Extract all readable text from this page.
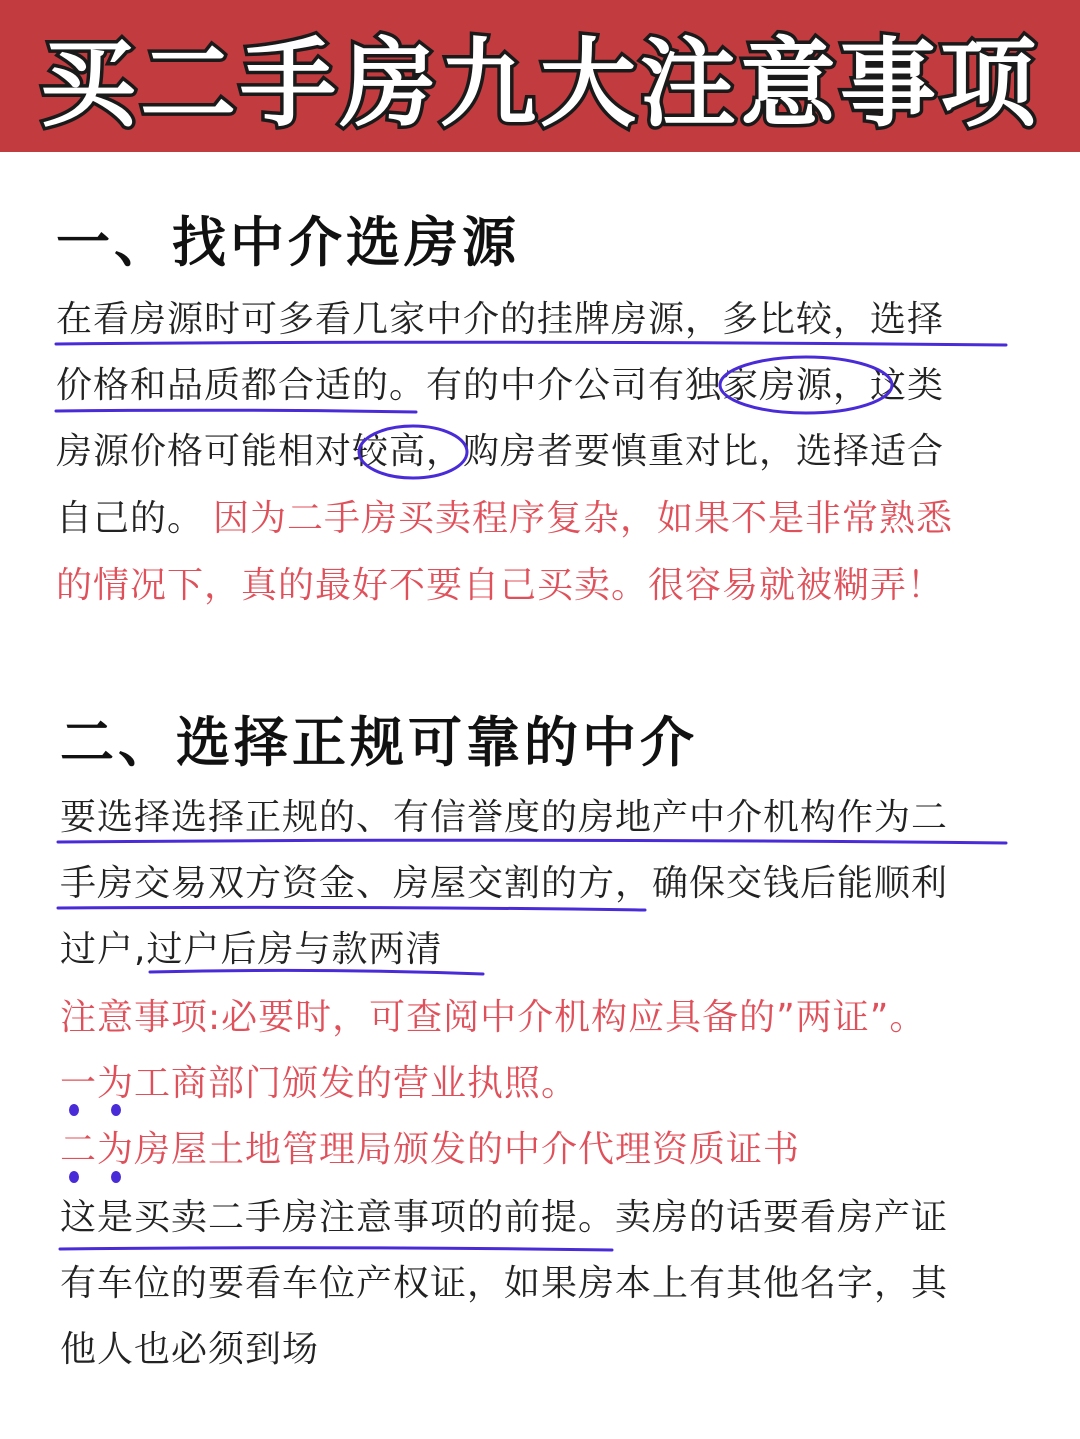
买二手房九大注意事项
一、找中介选房源
在看房源时可多看几家中介的挂牌房源，多比较，选择
价格和品质都合适的。有的中介公司有独家房源，这类
房源价格可能相对较高，购房者要慎重对比，选择适合
自己的。 因为二手房买卖程序复杂，如果不是非常熟悉
的情况下，真的最好不要自己买卖。很容易就被糊弄！
二、选择正规可靠的中介
要选择选择正规的、有信誉度的房地产中介机构作为二
手房交易双方资金、房屋交割的方，确保交钱后能顺利
过户,过户后房与款两清
注意事项:必要时，可查阅中介机构应具备的”两证”。
一为工商部门颁发的营业执照。
二为房屋土地管理局颁发的中介代理资质证书
这是买卖二手房注意事项的前提。卖房的话要看房产证
有车位的要看车位产权证，如果房本上有其他名字，其
他人也必须到场
